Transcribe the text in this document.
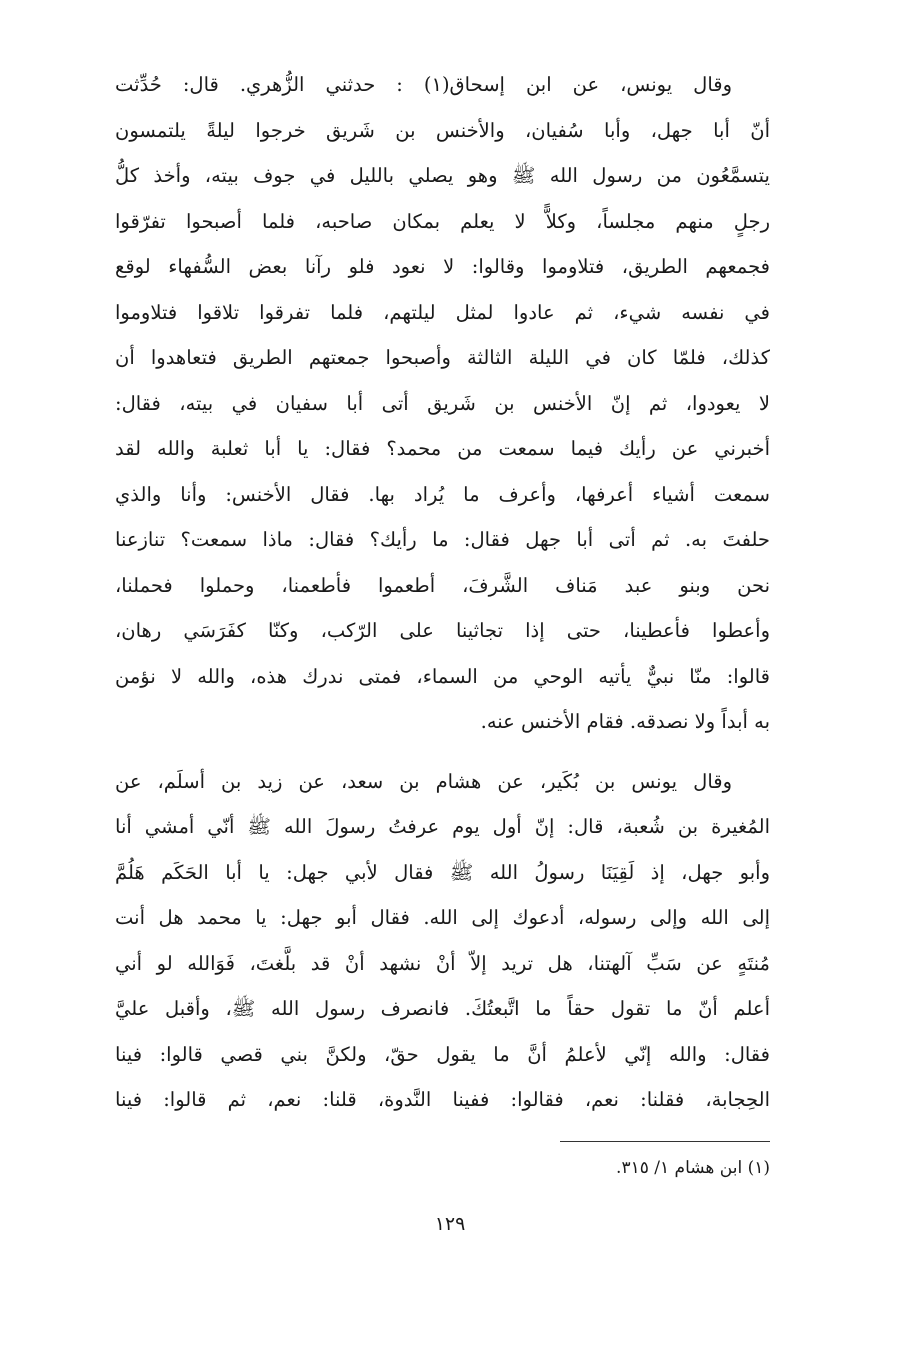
وقال يونس، عن ابن إسحاق(١) : حدثني الزُّهري. قال: حُدِّثت
أنّ أبا جهل، وأبا سُفيان، والأخنس بن شَريق خرجوا ليلةً يلتمسون
يتسمَّعُون من رسول الله ﷺ وهو يصلي بالليل في جوف بيته، وأخذ كلُّ
رجلٍ منهم مجلساً، وكلاًّ لا يعلم بمكان صاحبه، فلما أصبحوا تفرّقوا
فجمعهم الطريق، فتلاوموا وقالوا: لا نعود فلو رآنا بعض السُّفهاء لوقع
في نفسه شيء، ثم عادوا لمثل ليلتهم، فلما تفرقوا تلاقوا فتلاوموا
كذلك، فلمّا كان في الليلة الثالثة وأصبحوا جمعتهم الطريق فتعاهدوا أن
لا يعودوا، ثم إنّ الأخنس بن شَريق أتى أبا سفيان في بيته، فقال:
أخبرني عن رأيك فيما سمعت من محمد؟ فقال: يا أبا ثعلبة والله لقد
سمعت أشياء أعرفها، وأعرف ما يُراد بها. فقال الأخنس: وأنا والذي
حلفتَ به. ثم أتى أبا جهل فقال: ما رأيك؟ فقال: ماذا سمعت؟ تنازعنا
نحن وبنو عبد مَناف الشَّرفَ، أطعموا فأطعمنا، وحملوا فحملنا،
وأعطوا فأعطينا، حتى إذا تجاثينا على الرّكب، وكنّا كفَرَسَي رهان،
قالوا: منّا نبيٌّ يأتيه الوحي من السماء، فمتى ندرك هذه، والله لا نؤمن
به أبداً ولا نصدقه. فقام الأخنس عنه.
وقال يونس بن بُكَير، عن هشام بن سعد، عن زيد بن أسلَم، عن
المُغيرة بن شُعبة، قال: إنّ أول يوم عرفتُ رسولَ الله ﷺ أنّي أمشي أنا
وأبو جهل، إذ لَقِيَنَا رسولُ الله ﷺ فقال لأبي جهل: يا أبا الحَكَم هَلُمَّ
إلى الله وإلى رسوله، أدعوك إلى الله. فقال أبو جهل: يا محمد هل أنت
مُنتَهٍ عن سَبِّ آلهتنا، هل تريد إلاّ أنْ نشهد أنْ قد بلَّغتَ، فَوَالله لو أني
أعلم أنّ ما تقول حقاً ما اتَّبعتُكَ. فانصرف رسول الله ﷺ، وأقبل عليَّ
فقال: والله إنّي لأعلمُ أنَّ ما يقول حقّ، ولكنَّ بني قصي قالوا: فينا
الحِجابة، فقلنا: نعم، فقالوا: ففينا النَّدوة، قلنا: نعم، ثم قالوا: فينا
(١) ابن هشام ١/ ٣١٥.
١٢٩
